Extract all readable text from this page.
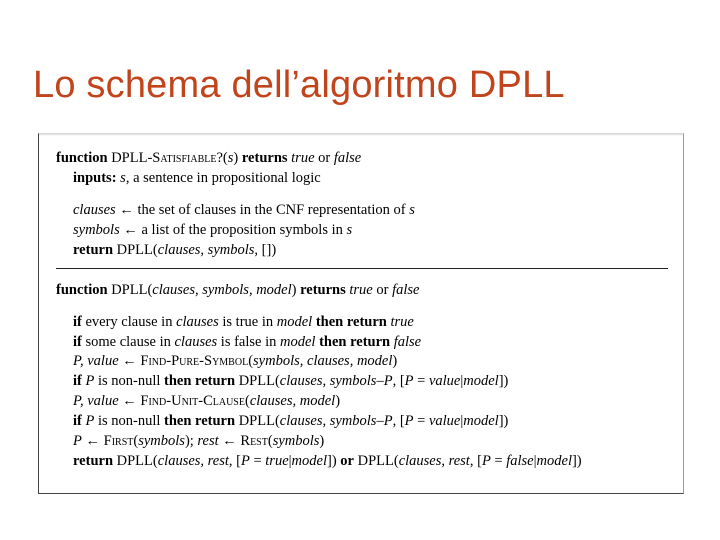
Lo schema dell’algoritmo DPLL
function DPLL-Satisfiable?(s) returns true or false
inputs: s, a sentence in propositional logic
clauses ← the set of clauses in the CNF representation of s
symbols ← a list of the proposition symbols in s
return DPLL(clauses, symbols, [])
function DPLL(clauses, symbols, model) returns true or false
if every clause in clauses is true in model then return true
if some clause in clauses is false in model then return false
P, value ← Find-Pure-Symbol(symbols, clauses, model)
if P is non-null then return DPLL(clauses, symbols–P, [P = value|model])
P, value ← Find-Unit-Clause(clauses, model)
if P is non-null then return DPLL(clauses, symbols–P, [P = value|model])
P ← First(symbols); rest ← Rest(symbols)
return DPLL(clauses, rest, [P = true|model]) or DPLL(clauses, rest, [P = false|model])
